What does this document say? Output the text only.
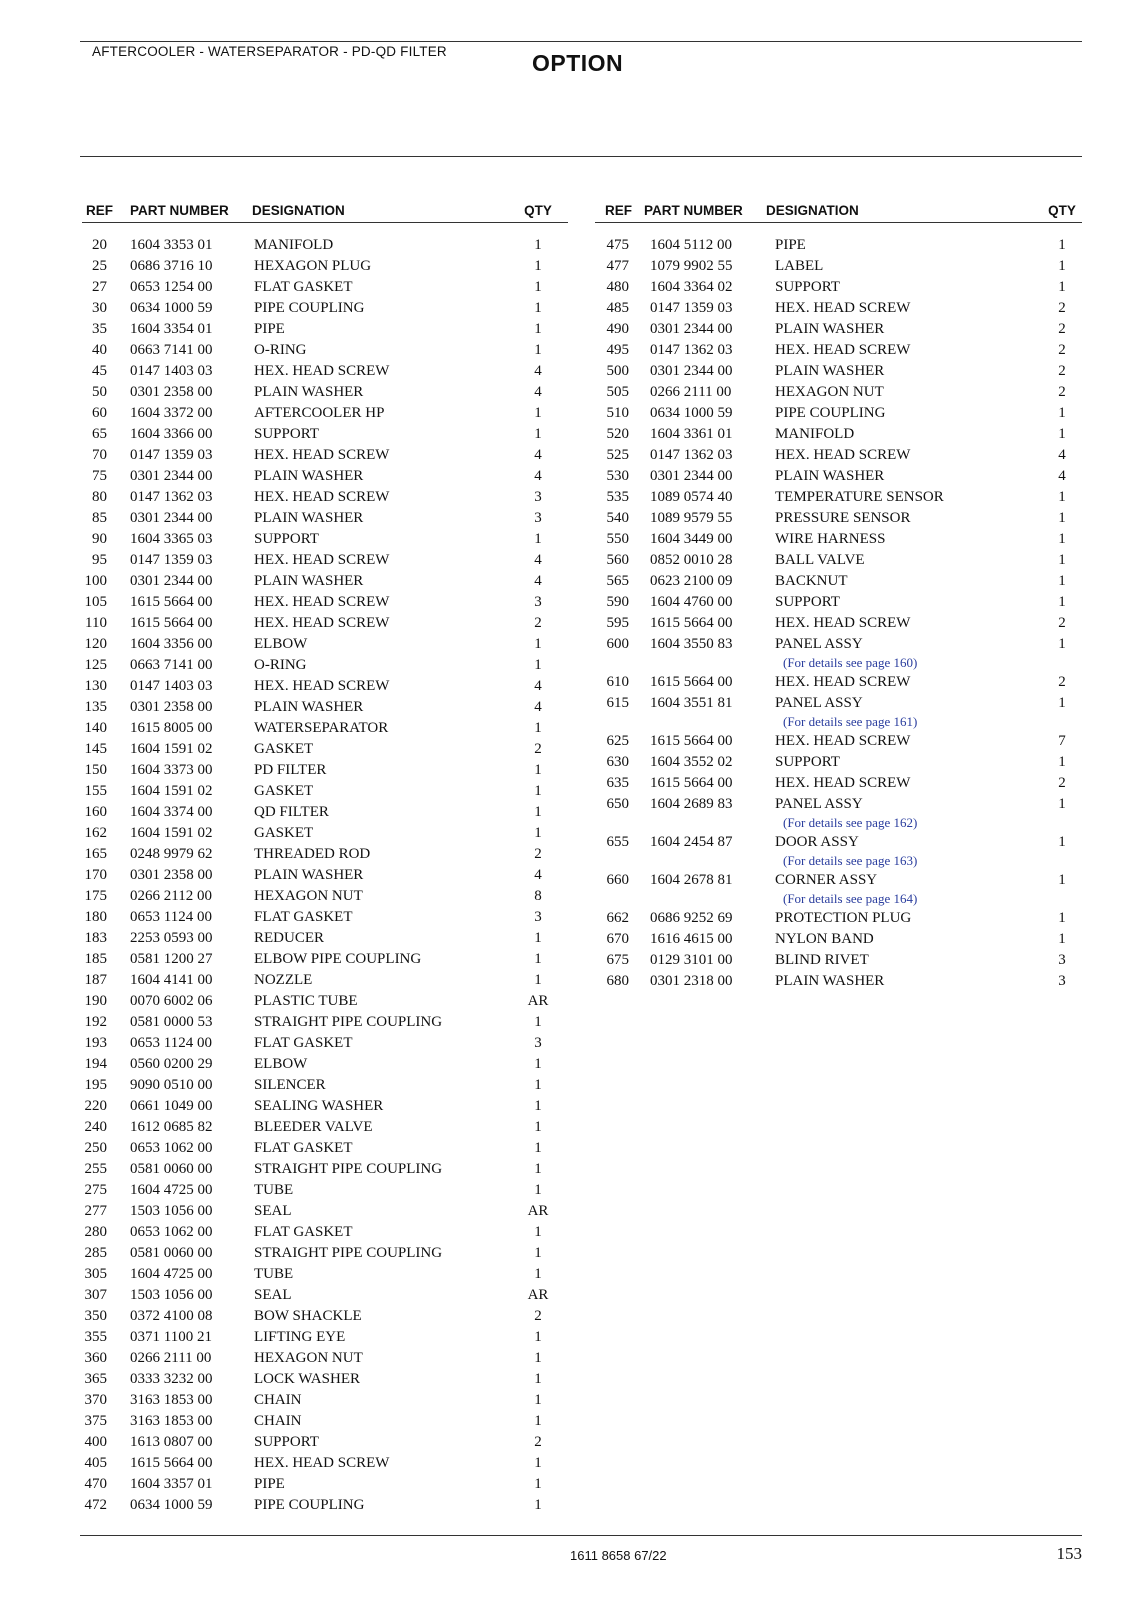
AFTERCOOLER - WATERSEPARATOR - PD-QD FILTER	OPTION
REF PART NUMBER DESIGNATION	QTY
20 1604 3353 01	MANIFOLD	1
25 0686 3716 10	HEXAGON PLUG	1
27 0653 1254 00	FLAT GASKET	1
30 0634 1000 59	PIPE COUPLING	1
35 1604 3354 01	PIPE	1
40 0663 7141 00	O-RING	1
45 0147 1403 03	HEX. HEAD SCREW	4
50 0301 2358 00	PLAIN WASHER	4
60 1604 3372 00	AFTERCOOLER HP	1
65 1604 3366 00	SUPPORT	1
70 0147 1359 03	HEX. HEAD SCREW	4
75 0301 2344 00	PLAIN WASHER	4
80 0147 1362 03	HEX. HEAD SCREW	3
85 0301 2344 00	PLAIN WASHER	3
90 1604 3365 03	SUPPORT	1
95 0147 1359 03	HEX. HEAD SCREW	4
100 0301 2344 00	PLAIN WASHER	4
105 1615 5664 00	HEX. HEAD SCREW	3
110 1615 5664 00	HEX. HEAD SCREW	2
120 1604 3356 00	ELBOW	1
125 0663 7141 00	O-RING	1
130 0147 1403 03	HEX. HEAD SCREW	4
135 0301 2358 00	PLAIN WASHER	4
140 1615 8005 00	WATERSEPARATOR	1
145 1604 1591 02	GASKET	2
150 1604 3373 00	PD FILTER	1
155 1604 1591 02	GASKET	1
160 1604 3374 00	QD FILTER	1
162 1604 1591 02	GASKET	1
165 0248 9979 62	THREADED ROD	2
170 0301 2358 00	PLAIN WASHER	4
175 0266 2112 00	HEXAGON NUT	8
180 0653 1124 00	FLAT GASKET	3
183 2253 0593 00	REDUCER	1
185 0581 1200 27	ELBOW PIPE COUPLING	1
187 1604 4141 00	NOZZLE	1
190 0070 6002 06	PLASTIC TUBE	AR
192 0581 0000 53	STRAIGHT PIPE COUPLING	1
193 0653 1124 00	FLAT GASKET	3
194 0560 0200 29	ELBOW	1
195 9090 0510 00	SILENCER	1
220 0661 1049 00	SEALING WASHER	1
240 1612 0685 82	BLEEDER VALVE	1
250 0653 1062 00	FLAT GASKET	1
255 0581 0060 00	STRAIGHT PIPE COUPLING	1
275 1604 4725 00	TUBE	1
277 1503 1056 00	SEAL	AR
280 0653 1062 00	FLAT GASKET	1
285 0581 0060 00	STRAIGHT PIPE COUPLING	1
305 1604 4725 00	TUBE	1
307 1503 1056 00	SEAL	AR
350 0372 4100 08	BOW SHACKLE	2
355 0371 1100 21	LIFTING EYE	1
360 0266 2111 00	HEXAGON NUT	1
365 0333 3232 00	LOCK WASHER	1
370 3163 1853 00	CHAIN	1
375 3163 1853 00	CHAIN	1
400 1613 0807 00	SUPPORT	2
405 1615 5664 00	HEX. HEAD SCREW	1
470 1604 3357 01	PIPE	1
472 0634 1000 59	PIPE COUPLING	1
REF PART NUMBER DESIGNATION	QTY
475 1604 5112 00	PIPE	1
477 1079 9902 55	LABEL	1
480 1604 3364 02	SUPPORT	1
485 0147 1359 03	HEX. HEAD SCREW	2
490 0301 2344 00	PLAIN WASHER	2
495 0147 1362 03	HEX. HEAD SCREW	2
500 0301 2344 00	PLAIN WASHER	2
505 0266 2111 00	HEXAGON NUT	2
510 0634 1000 59	PIPE COUPLING	1
520 1604 3361 01	MANIFOLD	1
525 0147 1362 03	HEX. HEAD SCREW	4
530 0301 2344 00	PLAIN WASHER	4
535 1089 0574 40	TEMPERATURE SENSOR	1
540 1089 9579 55	PRESSURE SENSOR	1
550 1604 3449 00	WIRE HARNESS	1
560 0852 0010 28	BALL VALVE	1
565 0623 2100 09	BACKNUT	1
590 1604 4760 00	SUPPORT	1
595 1615 5664 00	HEX. HEAD SCREW	2
600 1604 3550 83	PANEL ASSY	1
(For details see page 160)
610 1615 5664 00	HEX. HEAD SCREW	2
615 1604 3551 81	PANEL ASSY	1
(For details see page 161)
625 1615 5664 00	HEX. HEAD SCREW	7
630 1604 3552 02	SUPPORT	1
635 1615 5664 00	HEX. HEAD SCREW	2
650 1604 2689 83	PANEL ASSY	1
(For details see page 162)
655 1604 2454 87	DOOR ASSY	1
(For details see page 163)
660 1604 2678 81	CORNER ASSY	1
(For details see page 164)
662 0686 9252 69	PROTECTION PLUG	1
670 1616 4615 00	NYLON BAND	1
675 0129 3101 00	BLIND RIVET	3
680 0301 2318 00	PLAIN WASHER	3
1611 8658 67/22	153
